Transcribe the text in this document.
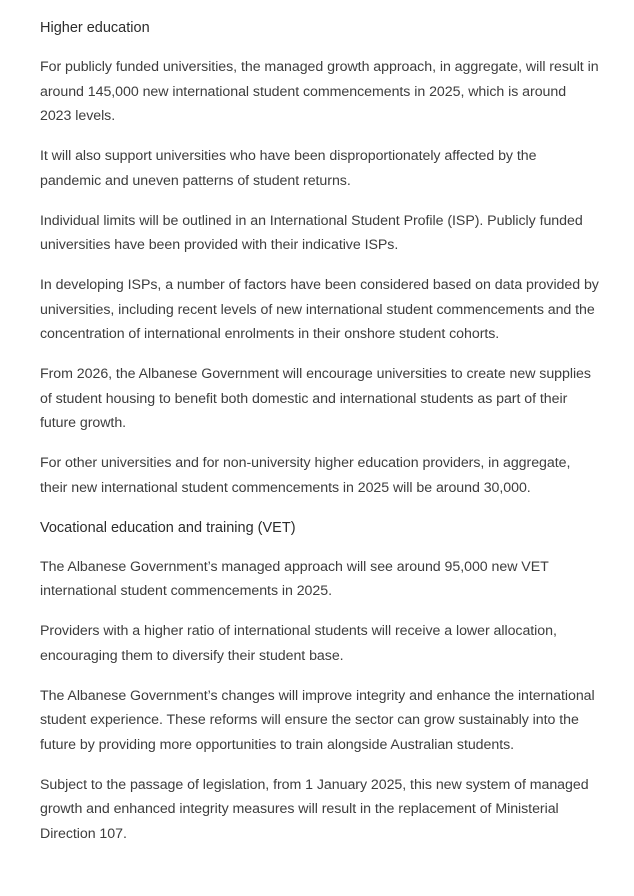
Higher education

For publicly funded universities, the managed growth approach, in aggregate, will result in around 145,000 new international student commencements in 2025, which is around 2023 levels.

It will also support universities who have been disproportionately affected by the pandemic and uneven patterns of student returns.

Individual limits will be outlined in an International Student Profile (ISP). Publicly funded universities have been provided with their indicative ISPs.

In developing ISPs, a number of factors have been considered based on data provided by universities, including recent levels of new international student commencements and the concentration of international enrolments in their onshore student cohorts.

From 2026, the Albanese Government will encourage universities to create new supplies of student housing to benefit both domestic and international students as part of their future growth.

For other universities and for non-university higher education providers, in aggregate, their new international student commencements in 2025 will be around 30,000.

Vocational education and training (VET)

The Albanese Government’s managed approach will see around 95,000 new VET international student commencements in 2025.

Providers with a higher ratio of international students will receive a lower allocation, encouraging them to diversify their student base.

The Albanese Government’s changes will improve integrity and enhance the international student experience. These reforms will ensure the sector can grow sustainably into the future by providing more opportunities to train alongside Australian students.

Subject to the passage of legislation, from 1 January 2025, this new system of managed growth and enhanced integrity measures will result in the replacement of Ministerial Direction 107.
